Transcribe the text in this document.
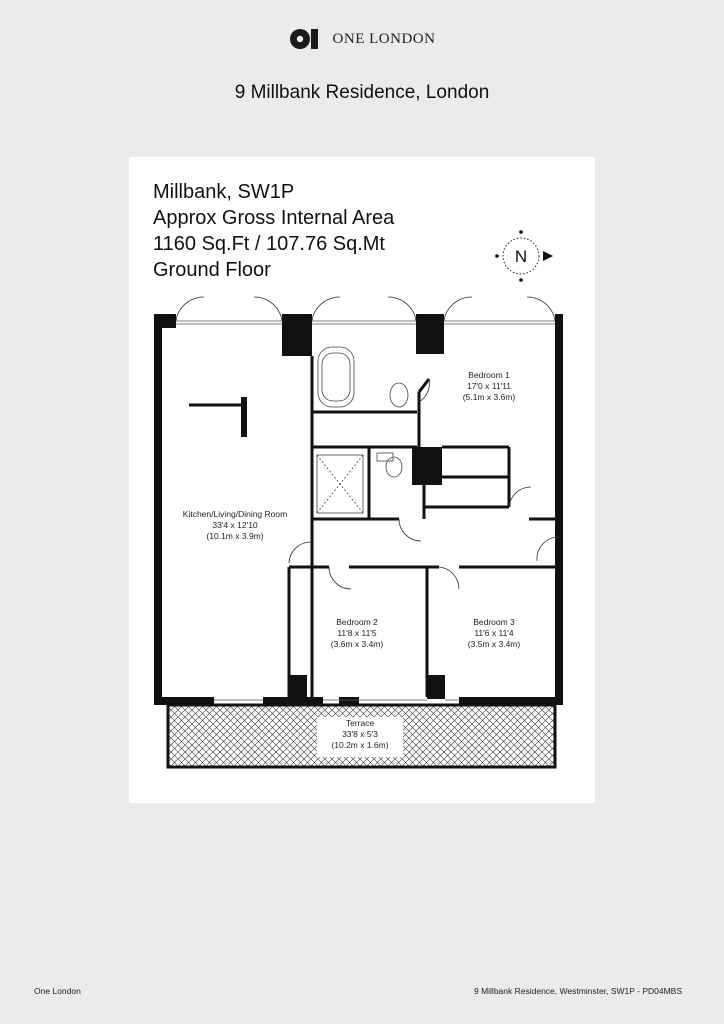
ONE LONDON
9 Millbank Residence, London
Kitchen/Living/Dining Room
33'4 x 12'10
(10.1m x 3.9m)
Bedroom 1
17'0 x 11'11
(5.1m x 3.6m)
Bedroom 2
11'8 x 11'5
(3.6m x 3.4m)
Bedroom 3
11'6 x 11'4
(3.5m x 3.4m)
Terrace
33'8 x 5'3
(10.2m x 1.6m)
Millbank, SW1P
Approx Gross Internal Area
1160 Sq.Ft / 107.76 Sq.Mt
Ground Floor
N
One London	9 Millbank Residence, Westminster, SW1P - PD04MBS
